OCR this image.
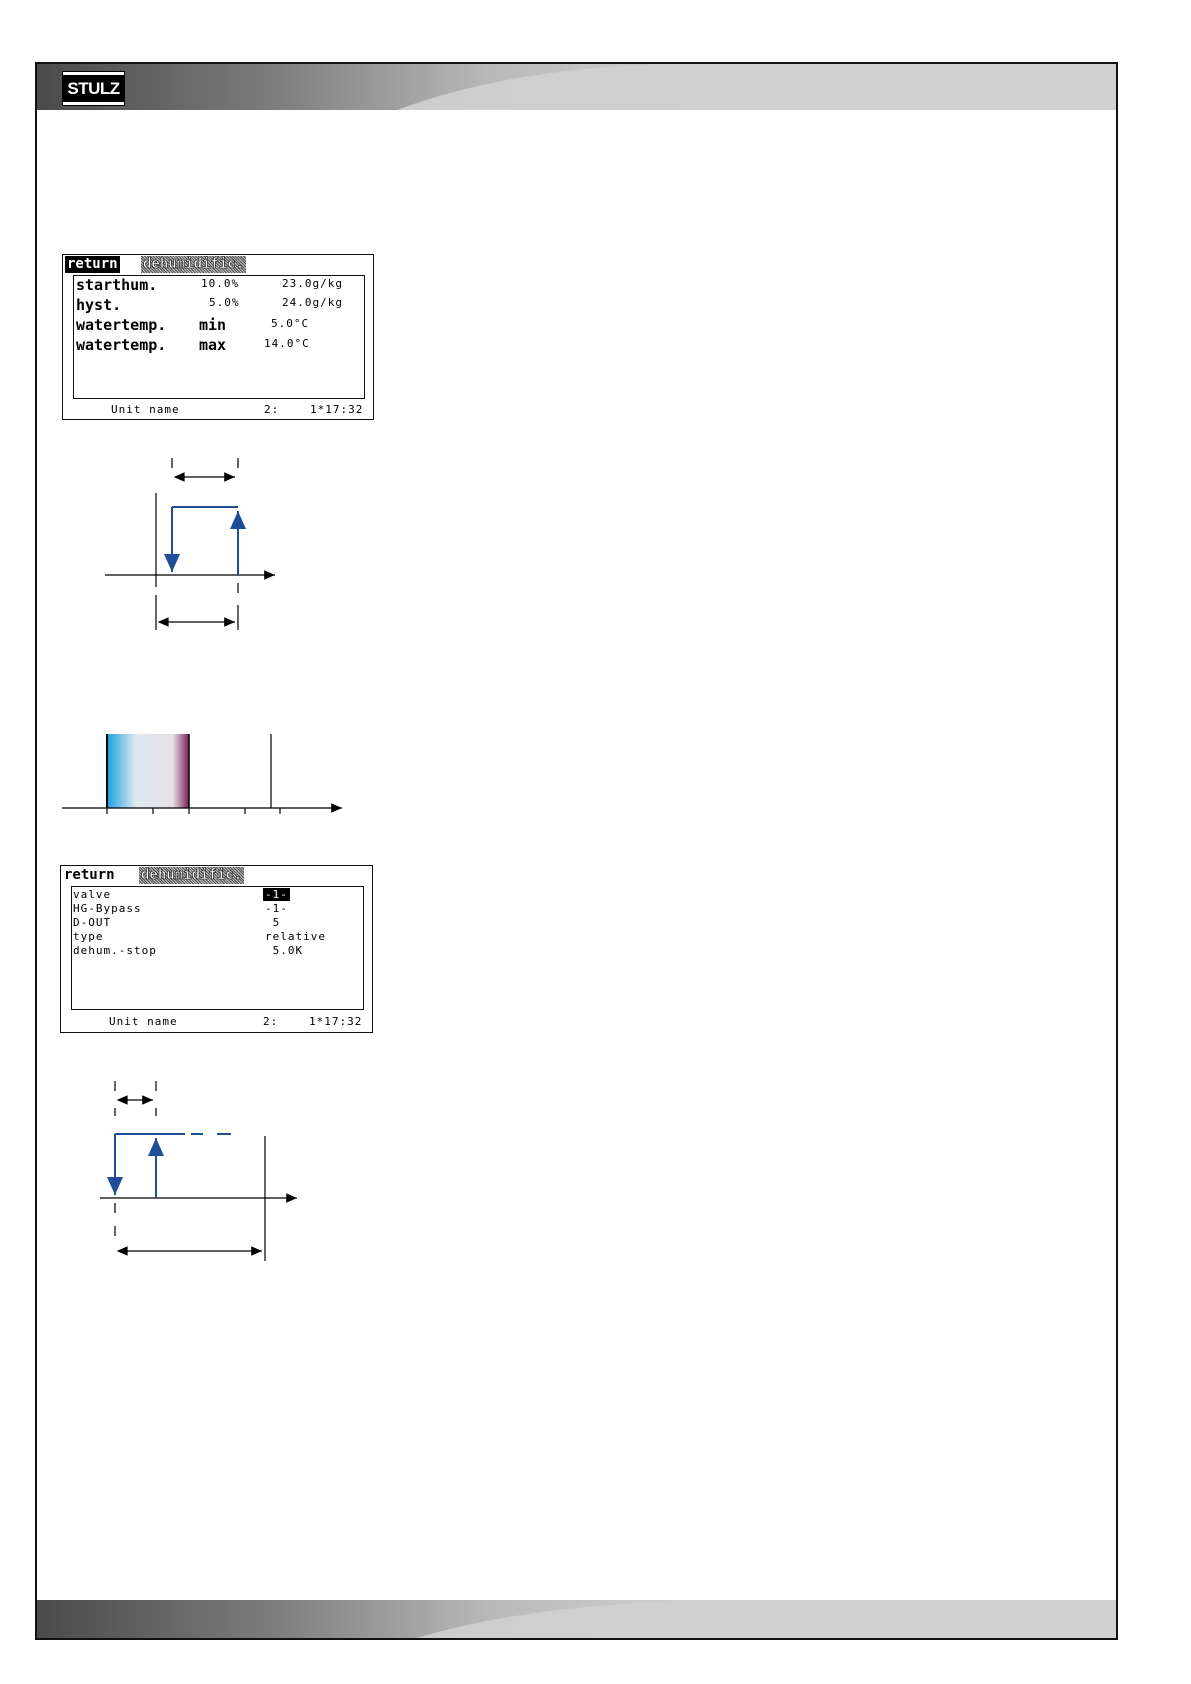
STULZ
return dehumidific.
starthum.	10.0%	23.0g/kg
hyst.	5.0%	24.0g/kg
watertemp. min	5.0°C
watertemp. max	14.0°C
Unit name	2:	1*17:32
return dehumidific.
valve	-1-
HG-Bypass	-1-
D-OUT	5
type	relative
dehum.-stop	5.0K
Unit name	2:	1*17:32
